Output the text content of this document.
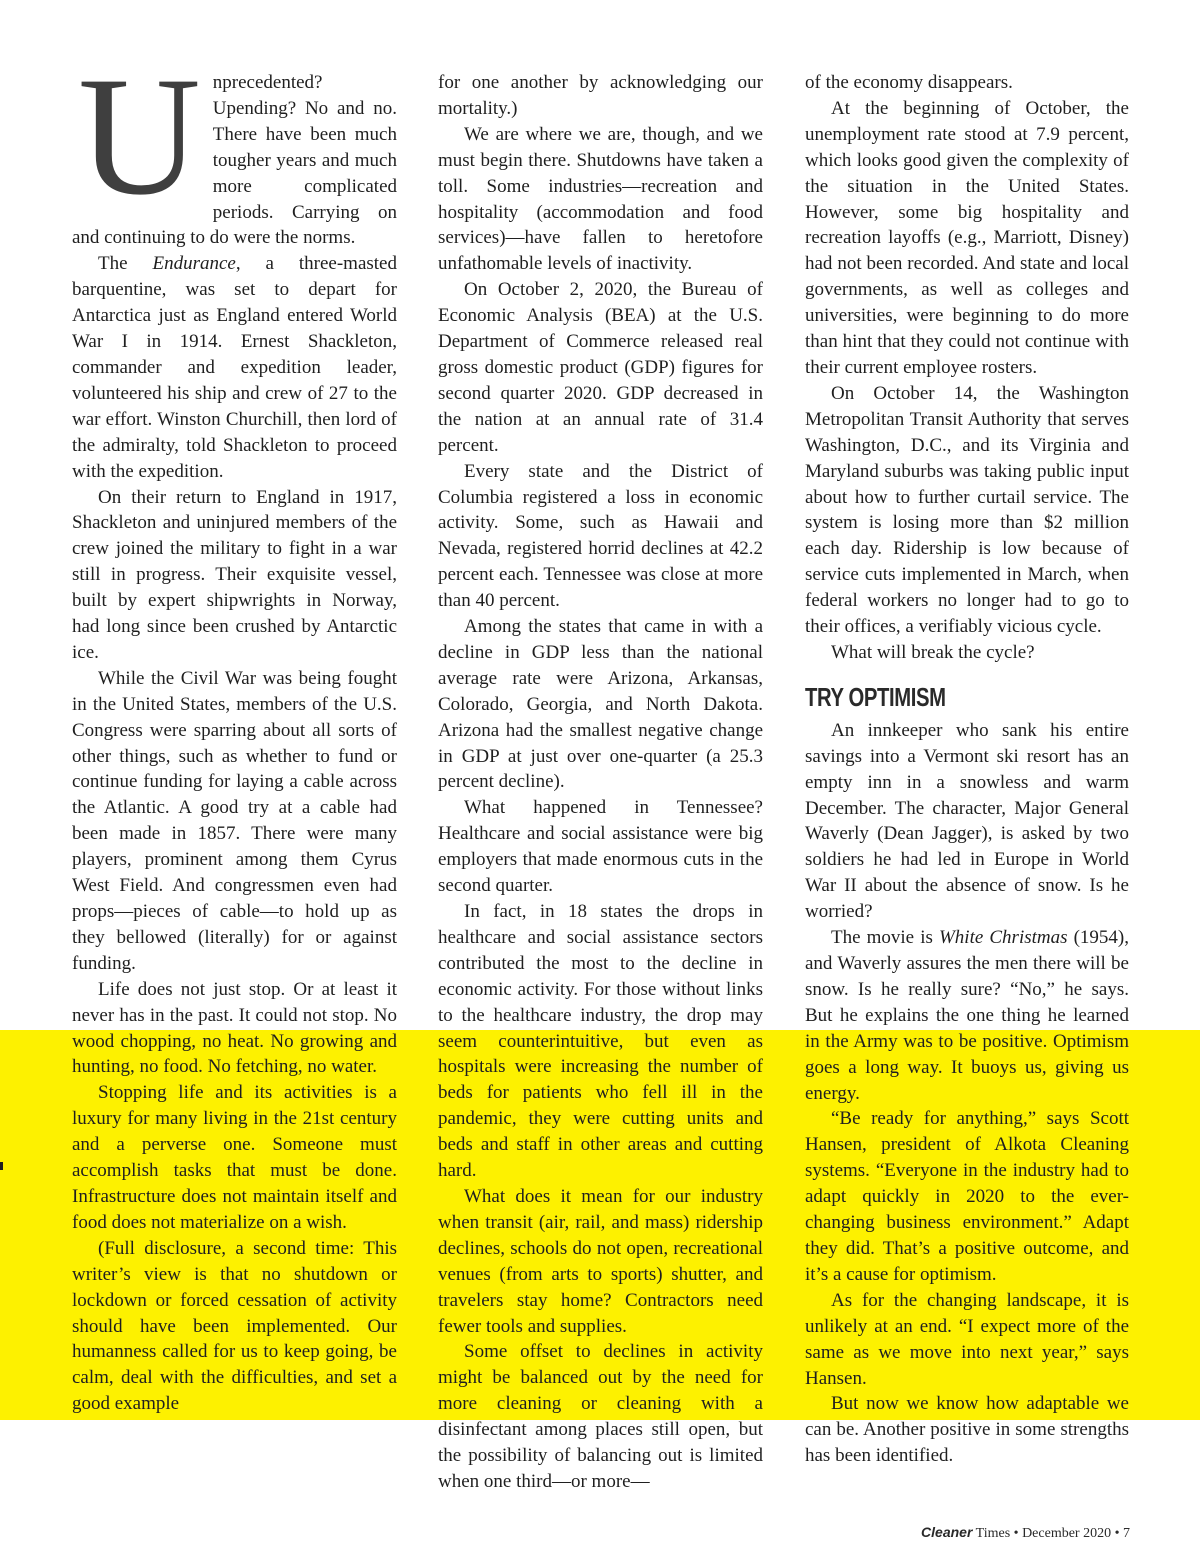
Unprecedented? Upending? No and no. There have been much tougher years and much more complicated periods. Carrying on and continuing to do were the norms.

The Endurance, a three-masted barquentine, was set to depart for Antarctica just as England entered World War I in 1914. Ernest Shackleton, commander and expedition leader, volunteered his ship and crew of 27 to the war effort. Winston Churchill, then lord of the admiralty, told Shackleton to proceed with the expedition.

On their return to England in 1917, Shackleton and uninjured members of the crew joined the military to fight in a war still in progress. Their exquisite vessel, built by expert shipwrights in Norway, had long since been crushed by Antarctic ice.

While the Civil War was being fought in the United States, members of the U.S. Congress were sparring about all sorts of other things, such as whether to fund or continue funding for laying a cable across the Atlantic. A good try at a cable had been made in 1857. There were many players, prominent among them Cyrus West Field. And congressmen even had props—pieces of cable—to hold up as they bellowed (literally) for or against funding.

Life does not just stop. Or at least it never has in the past. It could not stop. No wood chopping, no heat. No growing and hunting, no food. No fetching, no water.

Stopping life and its activities is a luxury for many living in the 21st century and a perverse one. Someone must accomplish tasks that must be done. Infrastructure does not maintain itself and food does not materialize on a wish.

(Full disclosure, a second time: This writer’s view is that no shutdown or lockdown or forced cessation of activity should have been implemented. Our humanness called for us to keep going, be calm, deal with the difficulties, and set a good example

for one another by acknowledging our mortality.)

We are where we are, though, and we must begin there. Shutdowns have taken a toll. Some industries—recreation and hospitality (accommodation and food services)—have fallen to heretofore unfathomable levels of inactivity.

On October 2, 2020, the Bureau of Economic Analysis (BEA) at the U.S. Department of Commerce released real gross domestic product (GDP) figures for second quarter 2020. GDP decreased in the nation at an annual rate of 31.4 percent.

Every state and the District of Columbia registered a loss in economic activity. Some, such as Hawaii and Nevada, registered horrid declines at 42.2 percent each. Tennessee was close at more than 40 percent.

Among the states that came in with a decline in GDP less than the national average rate were Arizona, Arkansas, Colorado, Georgia, and North Dakota. Arizona had the smallest negative change in GDP at just over one-quarter (a 25.3 percent decline).

What happened in Tennessee? Healthcare and social assistance were big employers that made enormous cuts in the second quarter.

In fact, in 18 states the drops in healthcare and social assistance sectors contributed the most to the decline in economic activity. For those without links to the healthcare industry, the drop may seem counterintuitive, but even as hospitals were increasing the number of beds for patients who fell ill in the pandemic, they were cutting units and beds and staff in other areas and cutting hard.

What does it mean for our industry when transit (air, rail, and mass) ridership declines, schools do not open, recreational venues (from arts to sports) shutter, and travelers stay home? Contractors need fewer tools and supplies.

Some offset to declines in activity might be balanced out by the need for more cleaning or cleaning with a disinfectant among places still open, but the possibility of balancing out is limited when one third—or more—

of the economy disappears.

At the beginning of October, the unemployment rate stood at 7.9 percent, which looks good given the complexity of the situation in the United States. However, some big hospitality and recreation layoffs (e.g., Marriott, Disney) had not been recorded. And state and local governments, as well as colleges and universities, were beginning to do more than hint that they could not continue with their current employee rosters.

On October 14, the Washington Metropolitan Transit Authority that serves Washington, D.C., and its Virginia and Maryland suburbs was taking public input about how to further curtail service. The system is losing more than $2 million each day. Ridership is low because of service cuts implemented in March, when federal workers no longer had to go to their offices, a verifiably vicious cycle.

What will break the cycle?

TRY OPTIMISM

An innkeeper who sank his entire savings into a Vermont ski resort has an empty inn in a snowless and warm December. The character, Major General Waverly (Dean Jagger), is asked by two soldiers he had led in Europe in World War II about the absence of snow. Is he worried?

The movie is White Christmas (1954), and Waverly assures the men there will be snow. Is he really sure? “No,” he says. But he explains the one thing he learned in the Army was to be positive. Optimism goes a long way. It buoys us, giving us energy.

“Be ready for anything,” says Scott Hansen, president of Alkota Cleaning systems. “Everyone in the industry had to adapt quickly in 2020 to the ever-changing business environment.” Adapt they did. That’s a positive outcome, and it’s a cause for optimism.

As for the changing landscape, it is unlikely at an end. “I expect more of the same as we move into next year,” says Hansen.

But now we know how adaptable we can be. Another positive in some strengths has been identified.

Cleaner Times • December 2020 • 7
